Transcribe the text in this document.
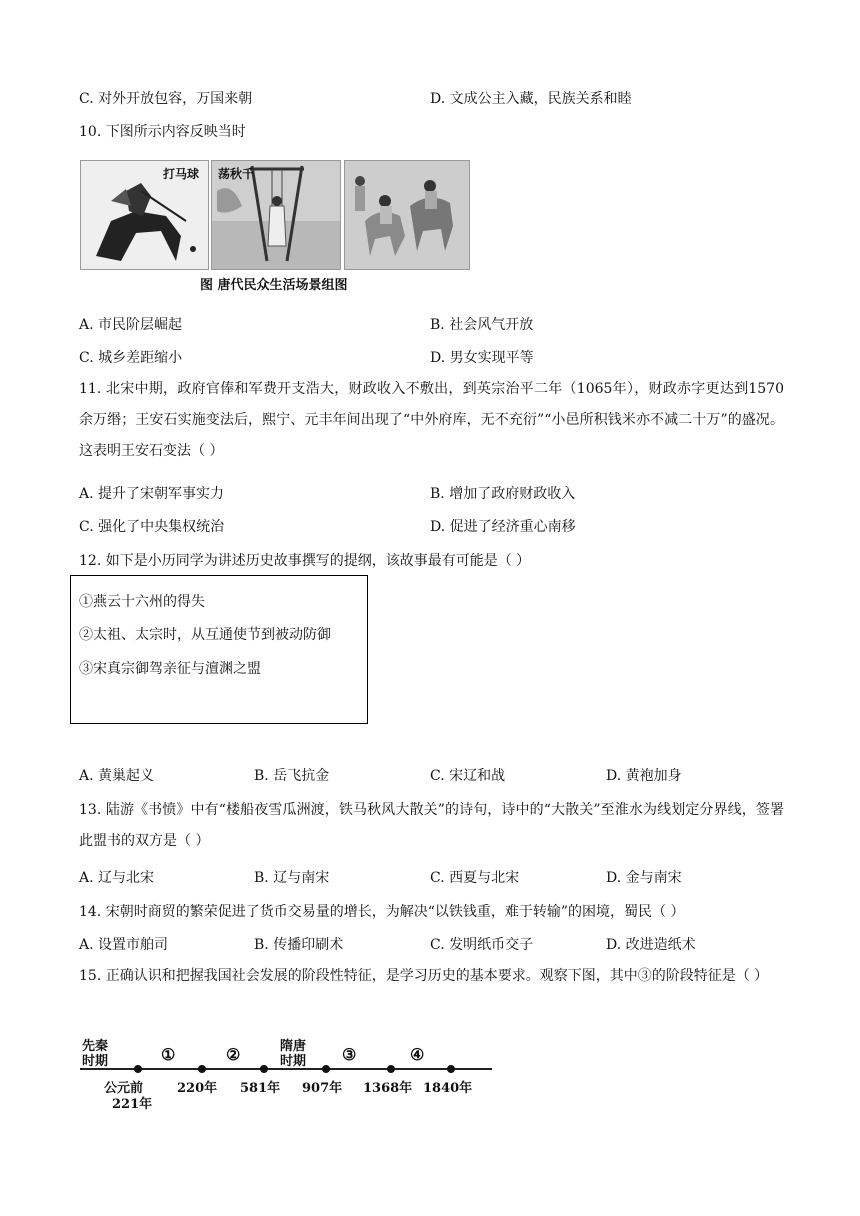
C. 对外开放包容，万国来朝	D. 文成公主入藏，民族关系和睦
10. 下图所示内容反映当时
打马球 荡秋千
图 唐代民众生活场景组图
A. 市民阶层崛起	B. 社会风气开放
C. 城乡差距缩小	D. 男女实现平等
11. 北宋中期，政府官俸和军费开支浩大，财政收入不敷出，到英宗治平二年（1065年），财政赤字更达到1570余万缗；王安石实施变法后，熙宁、元丰年间出现了“中外府库，无不充衍”“小邑所积钱米亦不减二十万”的盛况。这表明王安石变法（ ）
A. 提升了宋朝军事实力	B. 增加了政府财政收入
C. 强化了中央集权统治	D. 促进了经济重心南移
12. 如下是小历同学为讲述历史故事撰写的提纲，该故事最有可能是（ ）
①燕云十六州的得失
②太祖、太宗时，从互通使节到被动防御
③宋真宗御驾亲征与澶渊之盟
A. 黄巢起义	B. 岳飞抗金	C. 宋辽和战	D. 黄袍加身
13. 陆游《书愤》中有“楼船夜雪瓜洲渡，铁马秋风大散关”的诗句，诗中的“大散关”至淮水为线划定分界线，签署此盟书的双方是（ ）
A. 辽与北宋	B. 辽与南宋	C. 西夏与北宋	D. 金与南宋
14. 宋朝时商贸的繁荣促进了货币交易量的增长，为解决“以铁钱重，难于转输”的困境，蜀民（ ）
A. 设置市舶司	B. 传播印刷术	C. 发明纸币交子	D. 改进造纸术
15. 正确认识和把握我国社会发展的阶段性特征，是学习历史的基本要求。观察下图，其中③的阶段特征是（ ）
先秦
时期
隋唐
时期
①	②	③	④
公元前
221年
220年 581年 907年 1368年 1840年
